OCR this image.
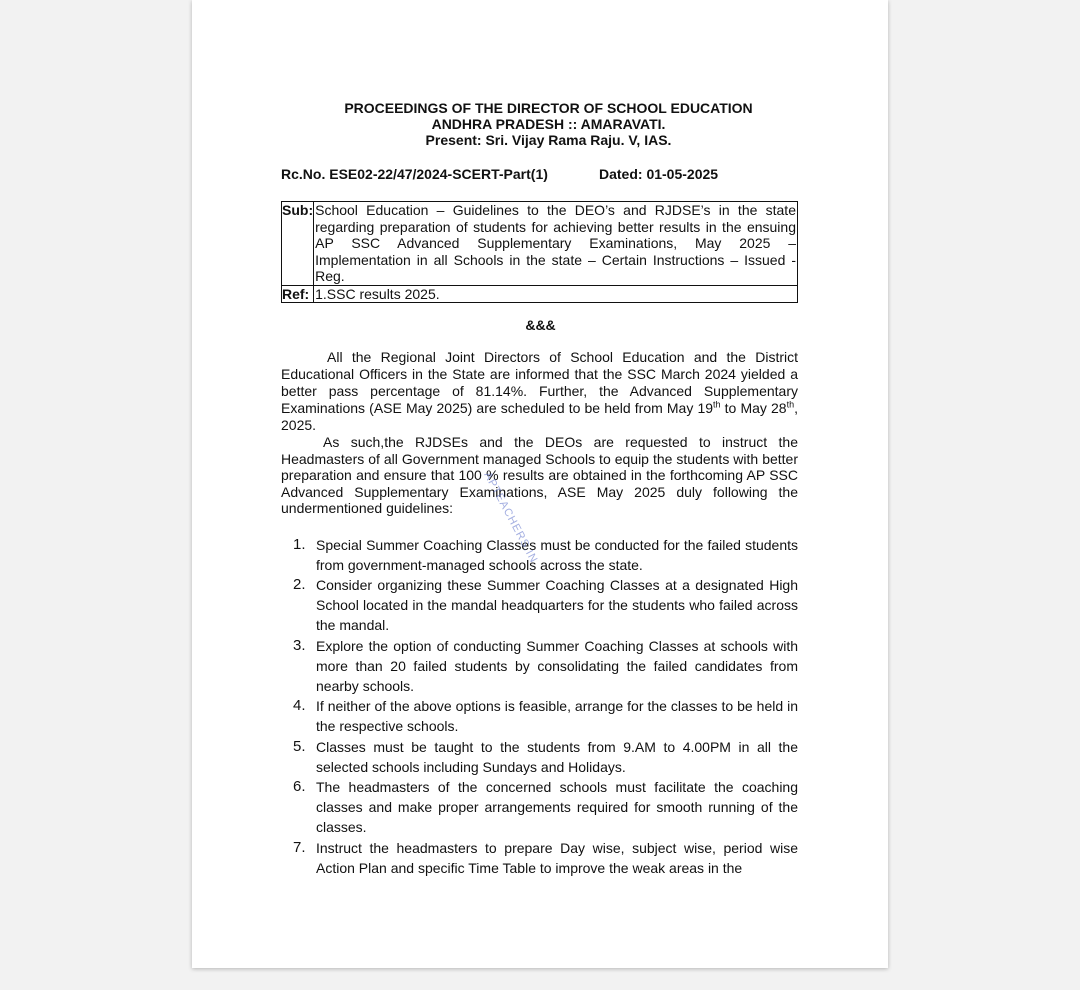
PROCEEDINGS OF THE DIRECTOR OF SCHOOL EDUCATION
ANDHRA PRADESH :: AMARAVATI.
Present: Sri. Vijay Rama Raju. V, IAS.
Rc.No. ESE02-22/47/2024-SCERT-Part(1)	Dated: 01-05-2025
Sub:	School Education – Guidelines to the DEO’s and RJDSE’s in the state regarding preparation of students for achieving better results in the ensuing AP SSC Advanced Supplementary Examinations, May 2025 – Implementation in all Schools in the state – Certain Instructions – Issued -Reg.
Ref:	1.SSC results 2025.
&&&
All the Regional Joint Directors of School Education and the District Educational Officers in the State are informed that the SSC March 2024 yielded a better pass percentage of 81.14%. Further, the Advanced Supplementary Examinations (ASE May 2025) are scheduled to be held from May 19th to May 28th, 2025.
As such,the RJDSEs and the DEOs are requested to instruct the Headmasters of all Government managed Schools to equip the students with better preparation and ensure that 100 % results are obtained in the forthcoming AP SSC Advanced Supplementary Examinations, ASE May 2025 duly following the undermentioned guidelines:
1. Special Summer Coaching Classes must be conducted for the failed students from government-managed schools across the state.
2. Consider organizing these Summer Coaching Classes at a designated High School located in the mandal headquarters for the students who failed across the mandal.
3. Explore the option of conducting Summer Coaching Classes at schools with more than 20 failed students by consolidating the failed candidates from nearby schools.
4. If neither of the above options is feasible, arrange for the classes to be held in the respective schools.
5. Classes must be taught to the students from 9.AM to 4.00PM in all the selected schools including Sundays and Holidays.
6. The headmasters of the concerned schools must facilitate the coaching classes and make proper arrangements required for smooth running of the classes.
7. Instruct the headmasters to prepare Day wise, subject wise, period wise Action Plan and specific Time Table to improve the weak areas in the
APTEACHERS.IN
